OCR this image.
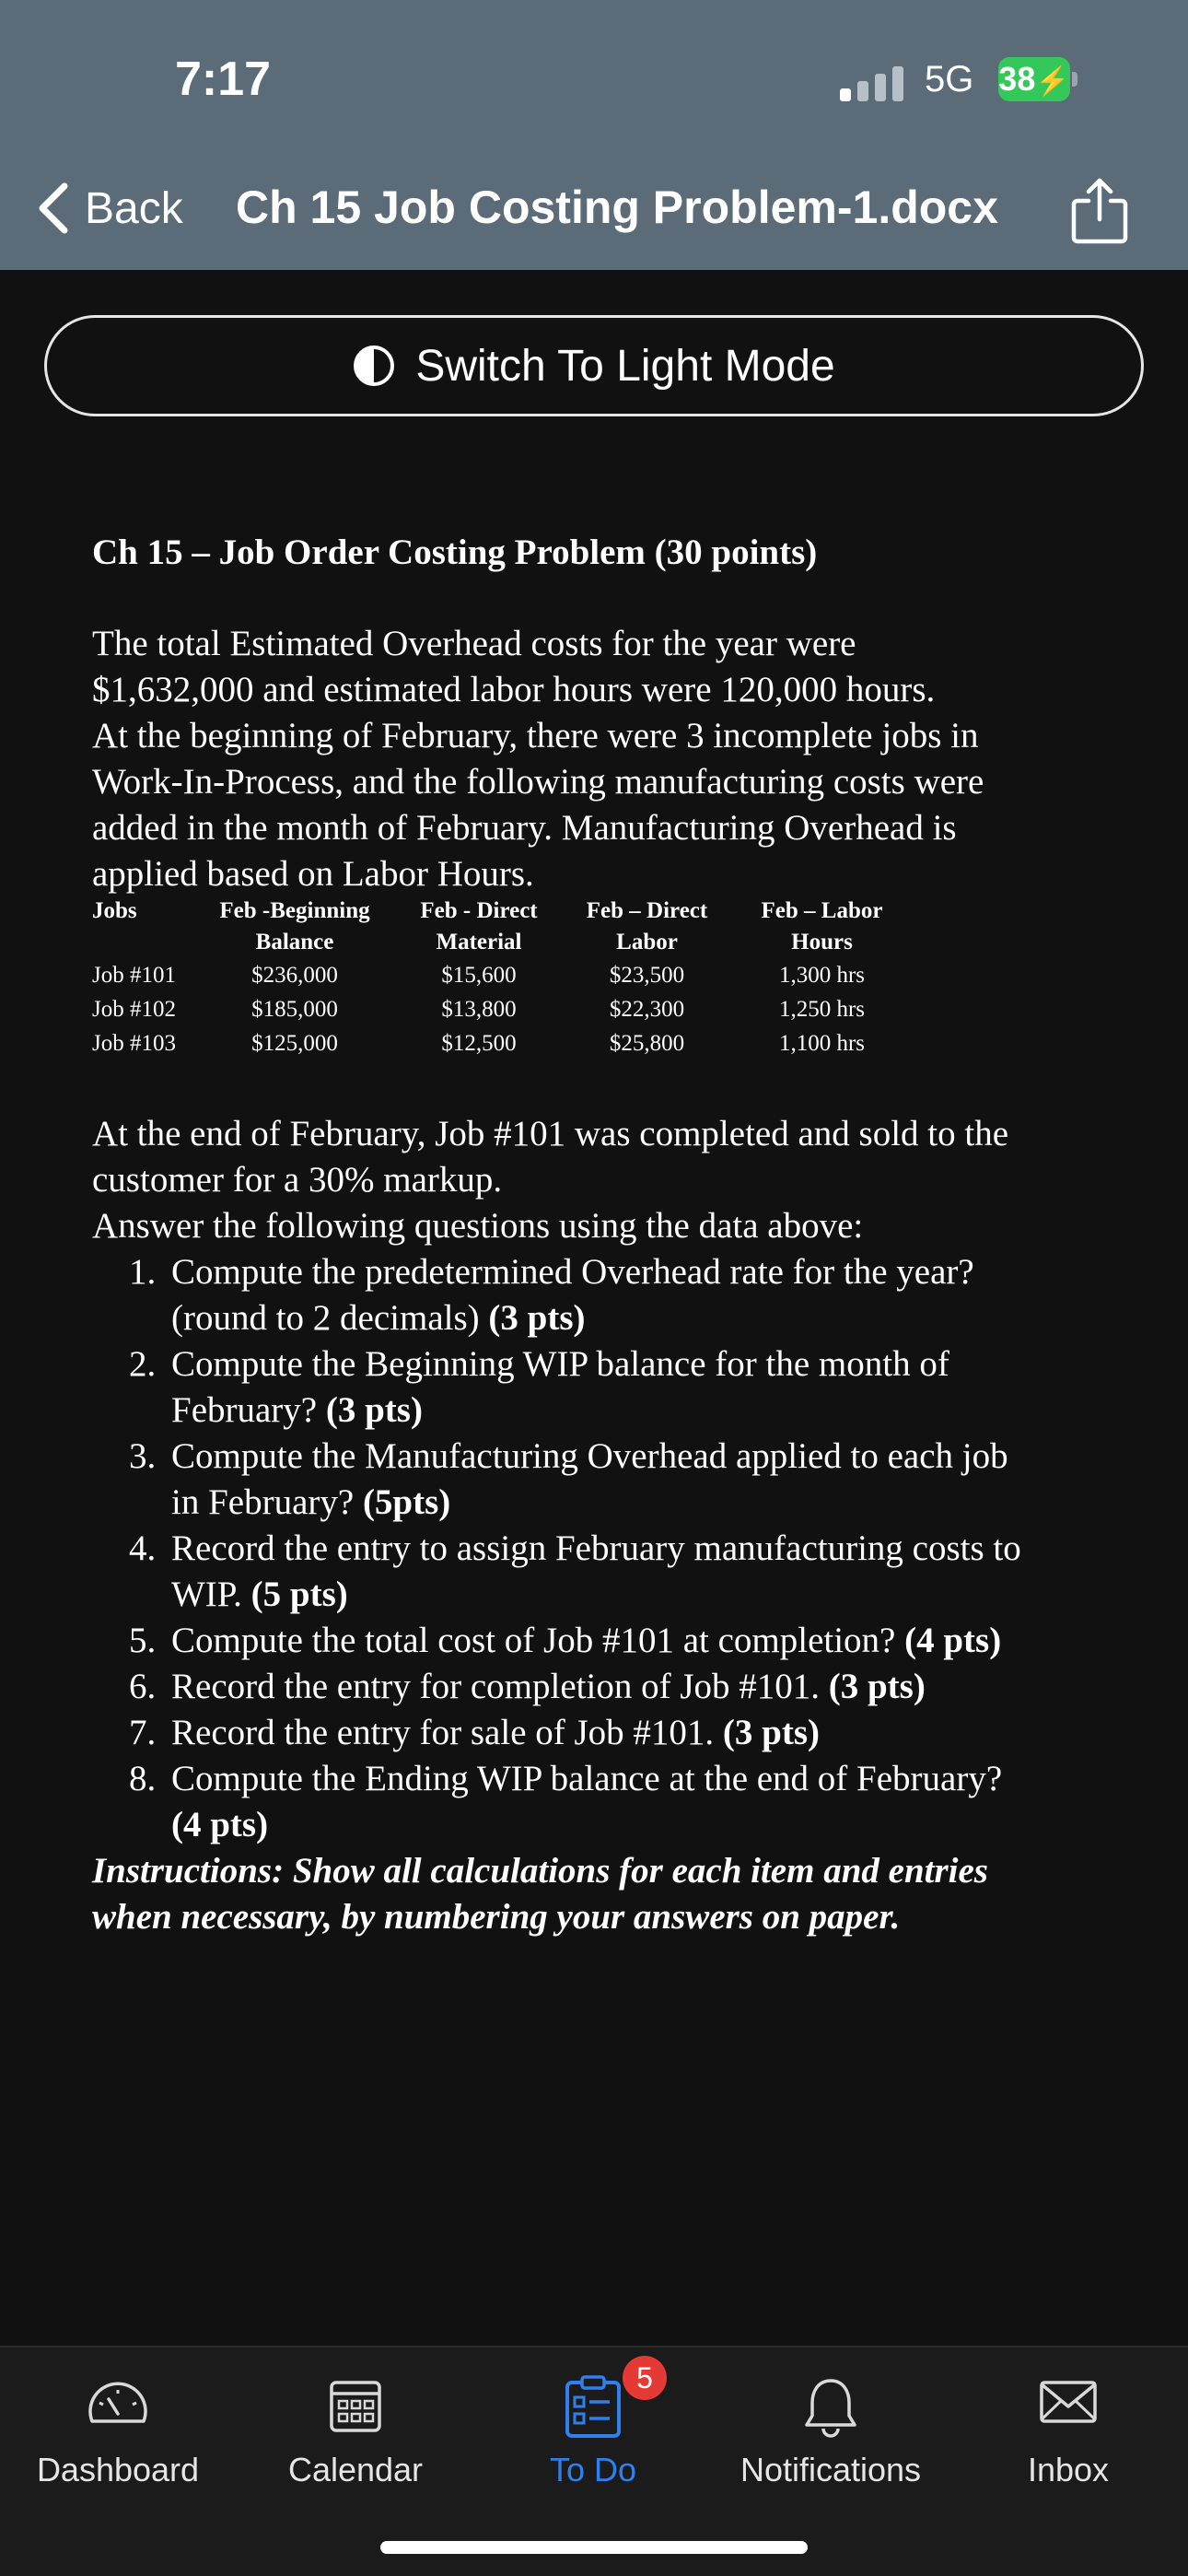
7:17	5G 38⚡
Back Ch 15 Job Costing Problem-1.docx
Switch To Light Mode
Ch 15 – Job Order Costing Problem (30 points)

The total Estimated Overhead costs for the year were

$1,632,000 and estimated labor hours were 120,000 hours.

At the beginning of February, there were 3 incomplete jobs in

Work-In-Process, and the following manufacturing costs were

added in the month of February. Manufacturing Overhead is

applied based on Labor Hours.

Jobs	Feb -Beginning Balance	Feb - Direct Material	Feb – Direct Labor	Feb – Labor Hours
Job #101	$236,000	$15,600	$23,500	1,300 hrs
Job #102	$185,000	$13,800	$22,300	1,250 hrs
Job #103	$125,000	$12,500	$25,800	1,100 hrs

At the end of February, Job #101 was completed and sold to the

customer for a 30% markup.

Answer the following questions using the data above:

1. Compute the predetermined Overhead rate for the year?
(round to 2 decimals) (3 pts)
2. Compute the Beginning WIP balance for the month of
February? (3 pts)
3. Compute the Manufacturing Overhead applied to each job
in February? (5pts)
4. Record the entry to assign February manufacturing costs to
WIP. (5 pts)
5. Compute the total cost of Job #101 at completion? (4 pts)
6. Record the entry for completion of Job #101. (3 pts)
7. Record the entry for sale of Job #101. (3 pts)
8. Compute the Ending WIP balance at the end of February?
(4 pts)

Instructions: Show all calculations for each item and entries

when necessary, by numbering your answers on paper.

Dashboard	Calendar	To Do	Notifications	Inbox
5
